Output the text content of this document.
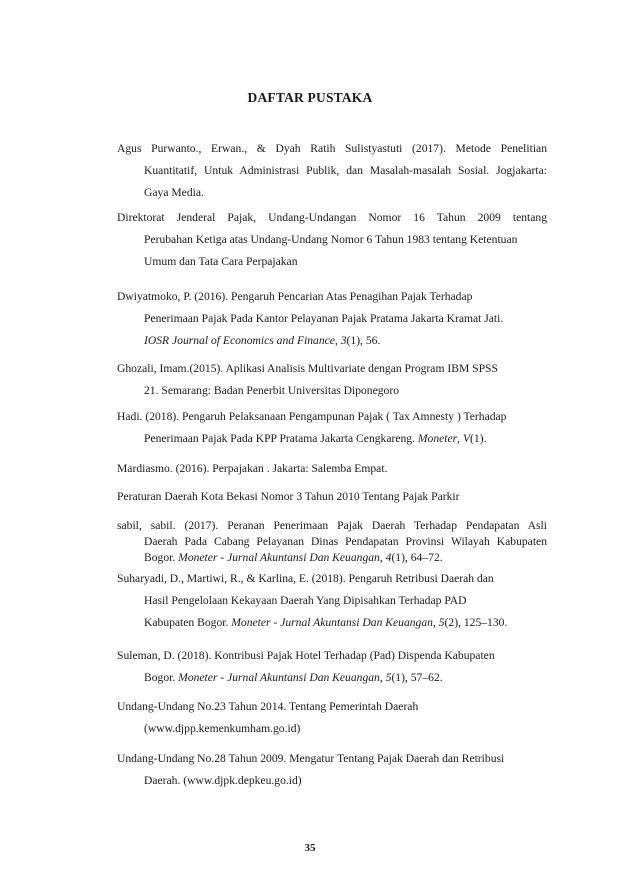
DAFTAR PUSTAKA
Agus Purwanto., Erwan., & Dyah Ratih Sulistyastuti (2017). Metode Penelitian
Kuantitatif, Untuk Administrasi Publik, dan Masalah-masalah Sosial. Jogjakarta:
Gaya Media.
Direktorat Jenderal Pajak, Undang-Undangan Nomor 16 Tahun 2009 tentang
Perubahan Ketiga atas Undang-Undang Nomor 6 Tahun 1983 tentang Ketentuan
Umum dan Tata Cara Perpajakan
Dwiyatmoko, P. (2016). Pengaruh Pencarian Atas Penagihan Pajak Terhadap
Penerimaan Pajak Pada Kantor Pelayanan Pajak Pratama Jakarta Kramat Jati.
IOSR Journal of Economics and Finance, 3(1), 56.
Ghozali, Imam.(2015). Aplikasi Analisis Multivariate dengan Program IBM SPSS
21. Semarang: Badan Penerbit Universitas Diponegoro
Hadi. (2018). Pengaruh Pelaksanaan Pengampunan Pajak ( Tax Amnesty ) Terhadap
Penerimaan Pajak Pada KPP Pratama Jakarta Cengkareng. Moneter, V(1).
Mardiasmo. (2016). Perpajakan . Jakarta: Salemba Empat.
Peraturan Daerah Kota Bekasi Nomor 3 Tahun 2010 Tentang Pajak Parkir
sabil, sabil. (2017). Peranan Penerimaan Pajak Daerah Terhadap Pendapatan Asli
Daerah Pada Cabang Pelayanan Dinas Pendapatan Provinsi Wilayah Kabupaten
Bogor. Moneter - Jurnal Akuntansi Dan Keuangan, 4(1), 64–72.
Suharyadi, D., Martiwi, R., & Karlina, E. (2018). Pengaruh Retribusi Daerah dan
Hasil Pengelolaan Kekayaan Daerah Yang Dipisahkan Terhadap PAD
Kabupaten Bogor. Moneter - Jurnal Akuntansi Dan Keuangan, 5(2), 125–130.
Suleman, D. (2018). Kontribusi Pajak Hotel Terhadap (Pad) Dispenda Kabupaten
Bogor. Moneter - Jurnal Akuntansi Dan Keuangan, 5(1), 57–62.
Undang-Undang No.23 Tahun 2014. Tentang Pemerintah Daerah
(www.djpp.kemenkumham.go.id)
Undang-Undang No.28 Tahun 2009. Mengatur Tentang Pajak Daerah dan Retribusi
Daerah. (www.djpk.depkeu.go.id)
35
